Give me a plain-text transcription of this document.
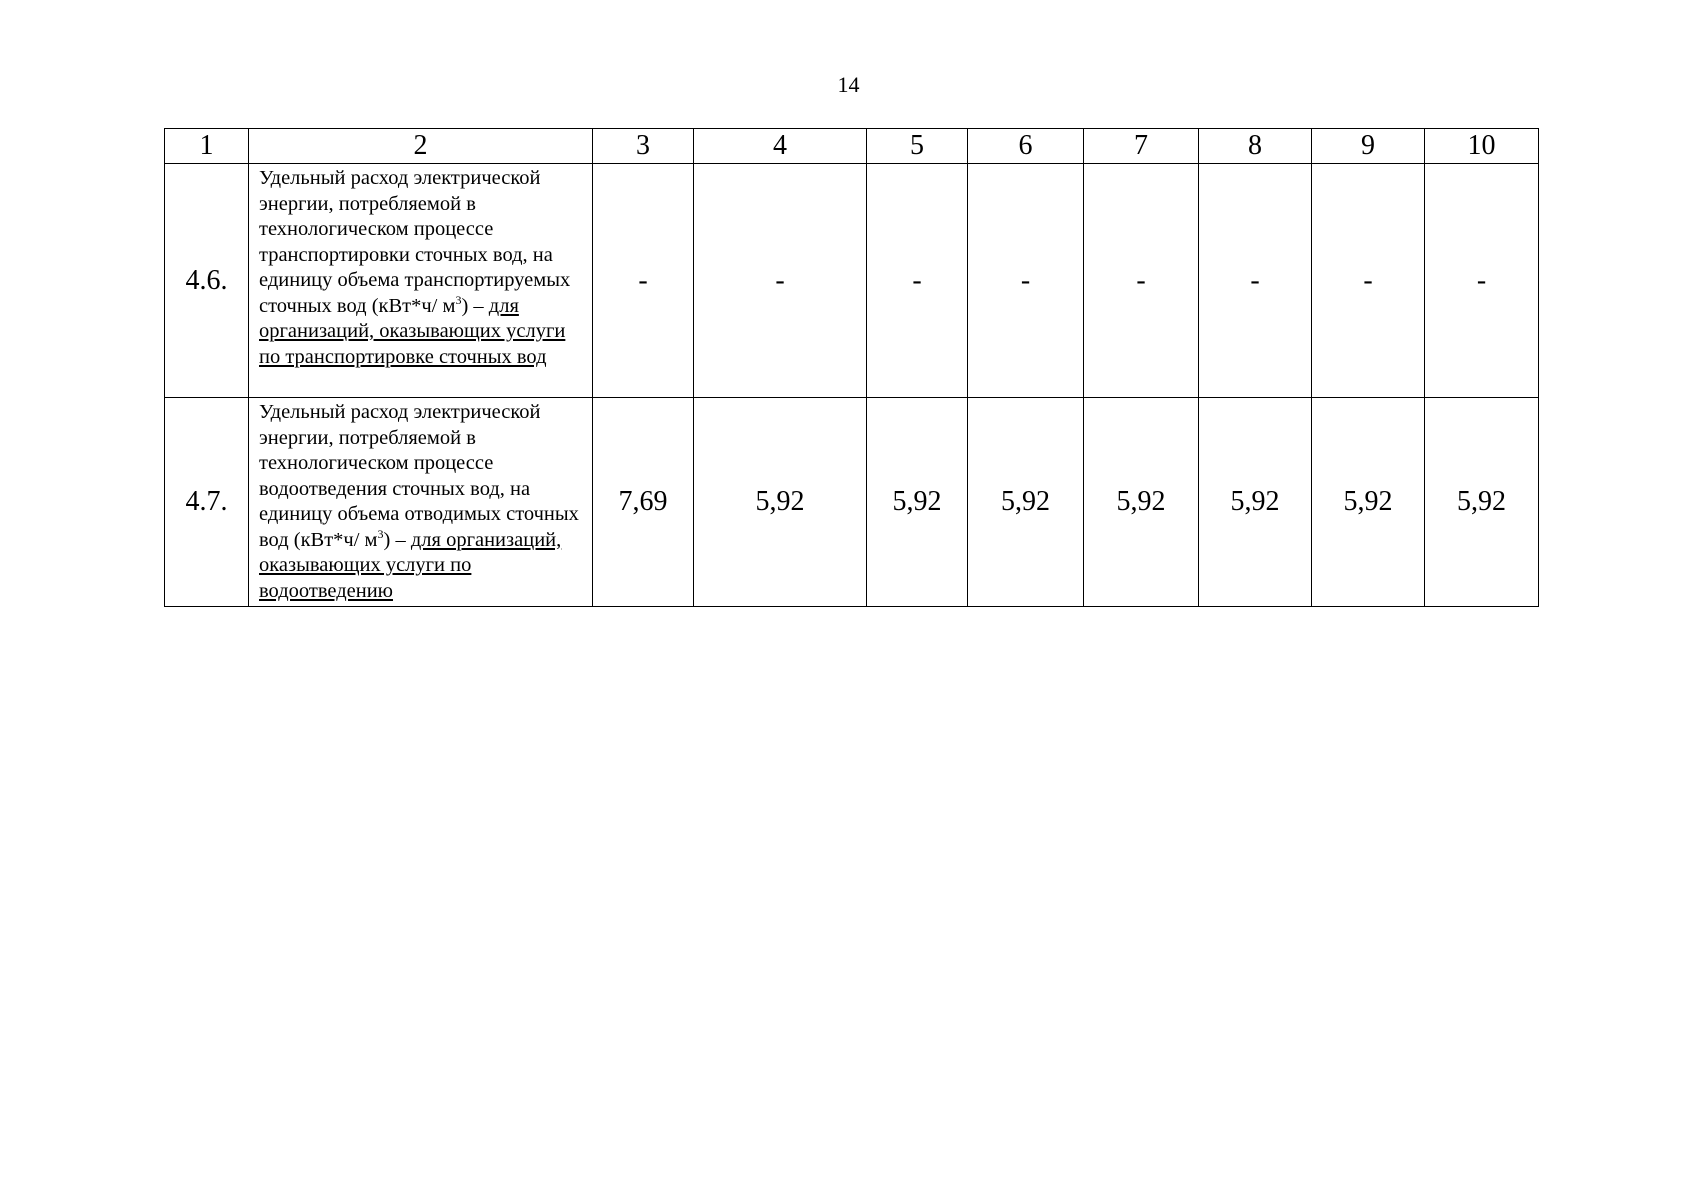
14
1	2	3	4	5	6	7	8	9	10
4.6.	Удельный расход электрической энергии, потребляемой в технологическом процессе транспортировки сточных вод, на единицу объема транспортируемых сточных вод (кВт*ч/ $м^3$) – для организаций, оказывающих услуги по транспортировке сточных вод	-	-	-	-	-	-	-	-
4.7.	Удельный расход электрической энергии, потребляемой в технологическом процессе водоотведения сточных вод, на единицу объема отводимых сточных вод (кВт*ч/ $м^3$) – для организаций, оказывающих услуги по водоотведению	7,69	5,92	5,92	5,92	5,92	5,92	5,92	5,92
